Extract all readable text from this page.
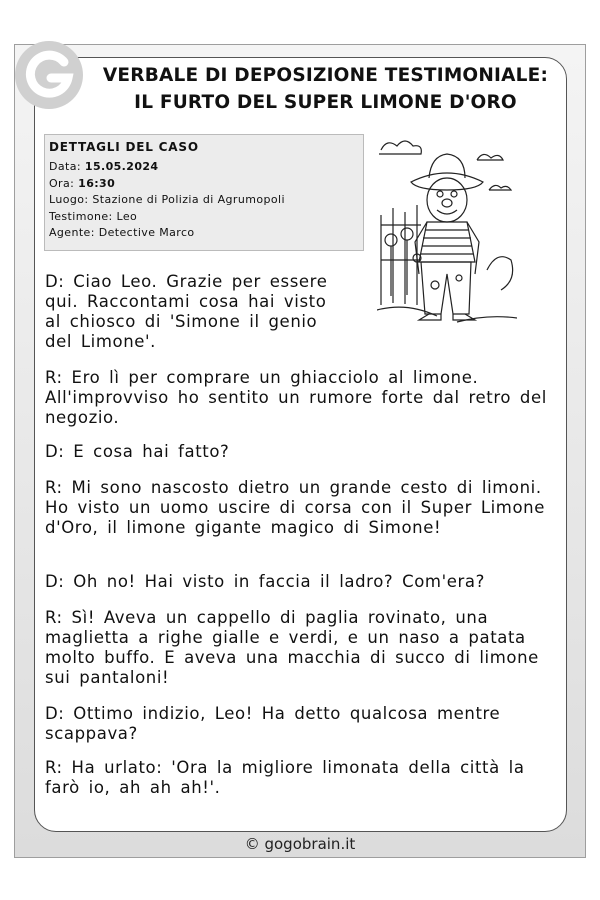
VERBALE DI DEPOSIZIONE TESTIMONIALE: IL FURTO DEL SUPER LIMONE D'ORO
DETTAGLI DEL CASO
Data: 15.05.2024
Ora: 16:30
Luogo: Stazione di Polizia di Agrumopoli
Testimone: Leo
Agente: Detective Marco
D: Ciao Leo. Grazie per essere qui. Raccontami cosa hai visto al chiosco di 'Simone il genio del Limone'.
R: Ero lì per comprare un ghiacciolo al limone. All'improvviso ho sentito un rumore forte dal retro del negozio.
D: E cosa hai fatto?
R: Mi sono nascosto dietro un grande cesto di limoni. Ho visto un uomo uscire di corsa con il Super Limone d'Oro, il limone gigante magico di Simone!
D: Oh no! Hai visto in faccia il ladro? Com'era?
R: Sì! Aveva un cappello di paglia rovinato, una maglietta a righe gialle e verdi, e un naso a patata molto buffo. E aveva una macchia di succo di limone sui pantaloni!
D: Ottimo indizio, Leo! Ha detto qualcosa mentre scappava?
R: Ha urlato: 'Ora la migliore limonata della città la farò io, ah ah ah!'.
© gogobrain.it
